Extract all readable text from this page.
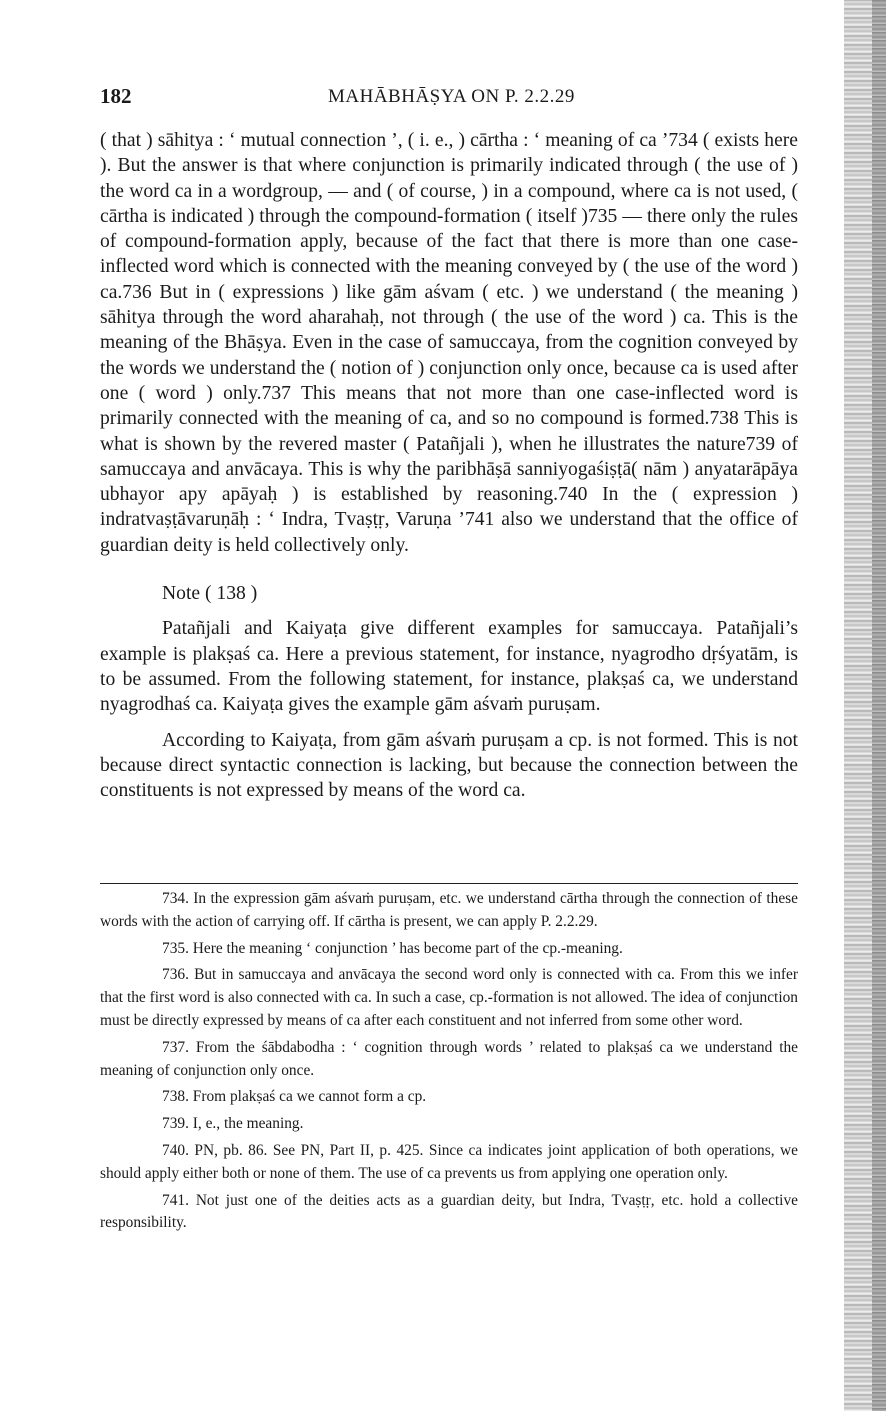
182	MAHĀBHĀṢYA ON P. 2.2.29

( that ) sāhitya : ‘ mutual connection ’, ( i. e., ) cārtha : ‘ meaning of ca ’734 ( exists here ). But the answer is that where conjunction is primarily indicated through ( the use of ) the word ca in a wordgroup, — and ( of course, ) in a compound, where ca is not used, ( cārtha is indicated ) through the compound-formation ( itself )735 — there only the rules of compound-formation apply, because of the fact that there is more than one case-inflected word which is connected with the meaning conveyed by ( the use of the word ) ca.736 But in ( expressions ) like gām aśvam ( etc. ) we understand ( the meaning ) sāhitya through the word aharahaḥ, not through ( the use of the word ) ca. This is the meaning of the Bhāṣya. Even in the case of samuccaya, from the cognition conveyed by the words we understand the ( notion of ) conjunction only once, because ca is used after one ( word ) only.737 This means that not more than one case-inflected word is primarily connected with the meaning of ca, and so no compound is formed.738 This is what is shown by the revered master ( Patañjali ), when he illustrates the nature739 of samuccaya and anvācaya. This is why the paribhāṣā sanniyogaśiṣṭā( nām ) anyatarāpāya ubhayor apy apāyaḥ ) is established by reasoning.740 In the ( expression ) indratvaṣṭāvaruṇāḥ : ‘ Indra, Tvaṣṭṛ, Varuṇa ’741 also we understand that the office of guardian deity is held collectively only.

Note ( 138 )

Patañjali and Kaiyaṭa give different examples for samuccaya. Patañjali’s example is plakṣaś ca. Here a previous statement, for instance, nyagrodho dṛśyatām, is to be assumed. From the following statement, for instance, plakṣaś ca, we understand nyagrodhaś ca. Kaiyaṭa gives the example gām aśvaṁ puruṣam.

According to Kaiyaṭa, from gām aśvaṁ puruṣam a cp. is not formed. This is not because direct syntactic connection is lacking, but because the connection between the constituents is not expressed by means of the word ca.

734. In the expression gām aśvaṁ puruṣam, etc. we understand cārtha through the connection of these words with the action of carrying off. If cārtha is present, we can apply P. 2.2.29.

735. Here the meaning ‘ conjunction ’ has become part of the cp.-meaning.

736. But in samuccaya and anvācaya the second word only is connected with ca. From this we infer that the first word is also connected with ca. In such a case, cp.-formation is not allowed. The idea of conjunction must be directly expressed by means of ca after each constituent and not inferred from some other word.

737. From the śābdabodha : ‘ cognition through words ’ related to plakṣaś ca we understand the meaning of conjunction only once.

738. From plakṣaś ca we cannot form a cp.

739. I, e., the meaning.

740. PN, pb. 86. See PN, Part II, p. 425. Since ca indicates joint application of both operations, we should apply either both or none of them. The use of ca prevents us from applying one operation only.

741. Not just one of the deities acts as a guardian deity, but Indra, Tvaṣṭṛ, etc. hold a collective responsibility.
